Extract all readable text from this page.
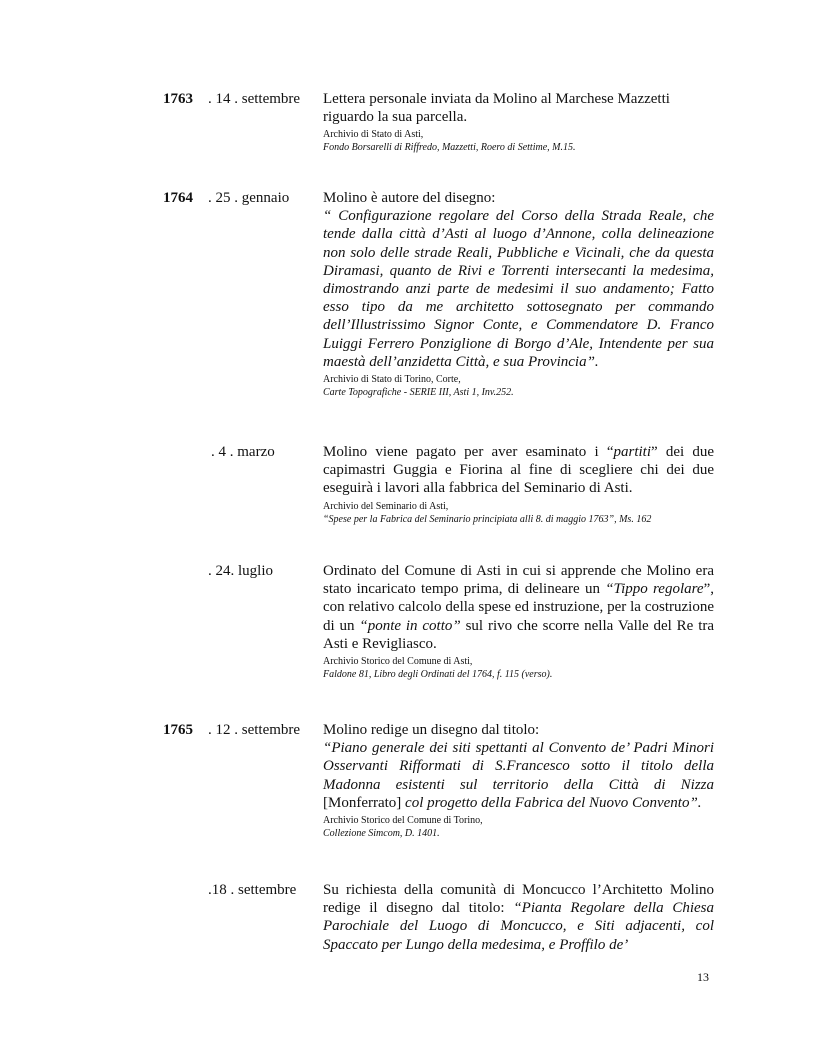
1763 . 14 . settembre Lettera personale inviata da Molino al Marchese Mazzetti riguardo la sua parcella.
Archivio di Stato di Asti,
Fondo Borsarelli di Riffredo, Mazzetti, Roero di Settime, M.15.
1764 . 25 . gennaio Molino è autore del disegno:
“ Configurazione regolare del Corso della Strada Reale, che tende dalla città d’Asti al luogo d’Annone, colla delineazione non solo delle strade Reali, Pubbliche e Vicinali, che da questa Diramasi, quanto de Rivi e Torrenti intersecanti la medesima, dimostrando anzi parte de medesimi il suo andamento; Fatto esso tipo da me architetto sottosegnato per commando dell’Illustrissimo Signor Conte, e Commendatore D. Franco Luiggi Ferrero Ponziglione di Borgo d’Ale, Intendente per sua maestà dell’anzidetta Città, e sua Provincia”.
Archivio di Stato di Torino, Corte,
Carte Topografiche - SERIE III, Asti 1, Inv.252.
. 4 . marzo	Molino viene pagato per aver esaminato i “partiti” dei due capimastri Guggia e Fiorina al fine di scegliere chi dei due eseguirà i lavori alla fabbrica del Seminario di Asti.
Archivio del Seminario di Asti,
“Spese per la Fabrica del Seminario principiata alli 8. di maggio 1763”, Ms. 162
. 24. luglio	Ordinato del Comune di Asti in cui si apprende che Molino era stato incaricato tempo prima, di delineare un “Tippo regolare”, con relativo calcolo della spese ed instruzione, per la costruzione di un “ponte in cotto” sul rivo che scorre nella Valle del Re tra Asti e Revigliasco.
Archivio Storico del Comune di Asti,
Faldone 81, Libro degli Ordinati del 1764, f. 115 (verso).
1765 . 12 . settembre Molino redige un disegno dal titolo:
“Piano generale dei siti spettanti al Convento de’ Padri Minori Osservanti Rifformati di S.Francesco sotto il titolo della Madonna esistenti sul territorio della Città di Nizza [Monferrato] col progetto della Fabrica del Nuovo Convento”.
Archivio Storico del Comune di Torino,
Collezione Simcom, D. 1401.
.18 . settembre Su richiesta della comunità di Moncucco l’Architetto Molino redige il disegno dal titolo: “Pianta Regolare della Chiesa Parochiale del Luogo di Moncucco, e Siti adjacenti, col Spaccato per Lungo della medesima, e Proffilo de’
13
